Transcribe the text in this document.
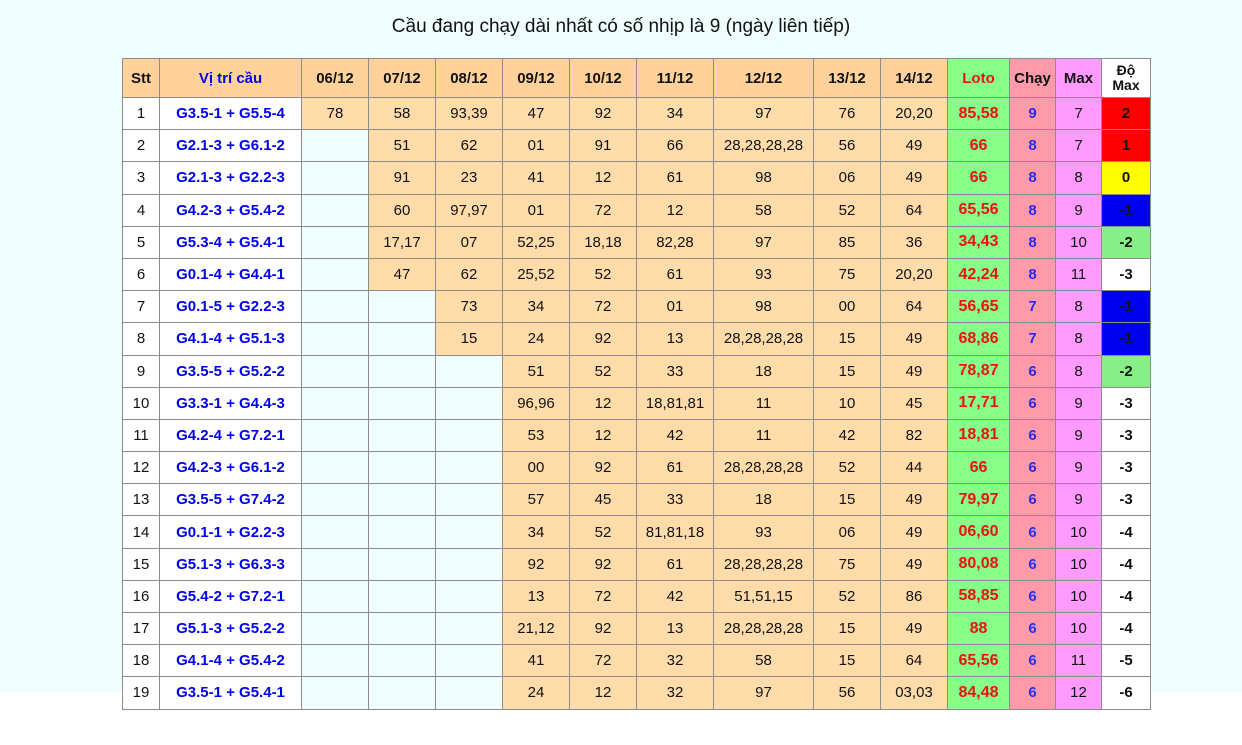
Cầu đang chạy dài nhất có số nhịp là 9 (ngày liên tiếp)
Stt	Vị trí cầu	06/12	07/12	08/12	09/12	10/12	11/12	12/12	13/12	14/12	Loto	Chạy	Max	Độ
Max
1	G3.5-1 + G5.5-4	78	58	93,39	47	92	34	97	76	20,20	85,58	9	7	2
2	G2.1-3 + G6.1-2		51	62	01	91	66	28,28,28,28	56	49	66	8	7	1
3	G2.1-3 + G2.2-3		91	23	41	12	61	98	06	49	66	8	8	0
4	G4.2-3 + G5.4-2		60	97,97	01	72	12	58	52	64	65,56	8	9	-1
5	G5.3-4 + G5.4-1		17,17	07	52,25	18,18	82,28	97	85	36	34,43	8	10	-2
6	G0.1-4 + G4.4-1		47	62	25,52	52	61	93	75	20,20	42,24	8	11	-3
7	G0.1-5 + G2.2-3			73	34	72	01	98	00	64	56,65	7	8	-1
8	G4.1-4 + G5.1-3			15	24	92	13	28,28,28,28	15	49	68,86	7	8	-1
9	G3.5-5 + G5.2-2				51	52	33	18	15	49	78,87	6	8	-2
10	G3.3-1 + G4.4-3				96,96	12	18,81,81	11	10	45	17,71	6	9	-3
11	G4.2-4 + G7.2-1				53	12	42	11	42	82	18,81	6	9	-3
12	G4.2-3 + G6.1-2				00	92	61	28,28,28,28	52	44	66	6	9	-3
13	G3.5-5 + G7.4-2				57	45	33	18	15	49	79,97	6	9	-3
14	G0.1-1 + G2.2-3				34	52	81,81,18	93	06	49	06,60	6	10	-4
15	G5.1-3 + G6.3-3				92	92	61	28,28,28,28	75	49	80,08	6	10	-4
16	G5.4-2 + G7.2-1				13	72	42	51,51,15	52	86	58,85	6	10	-4
17	G5.1-3 + G5.2-2				21,12	92	13	28,28,28,28	15	49	88	6	10	-4
18	G4.1-4 + G5.4-2				41	72	32	58	15	64	65,56	6	11	-5
19	G3.5-1 + G5.4-1				24	12	32	97	56	03,03	84,48	6	12	-6
